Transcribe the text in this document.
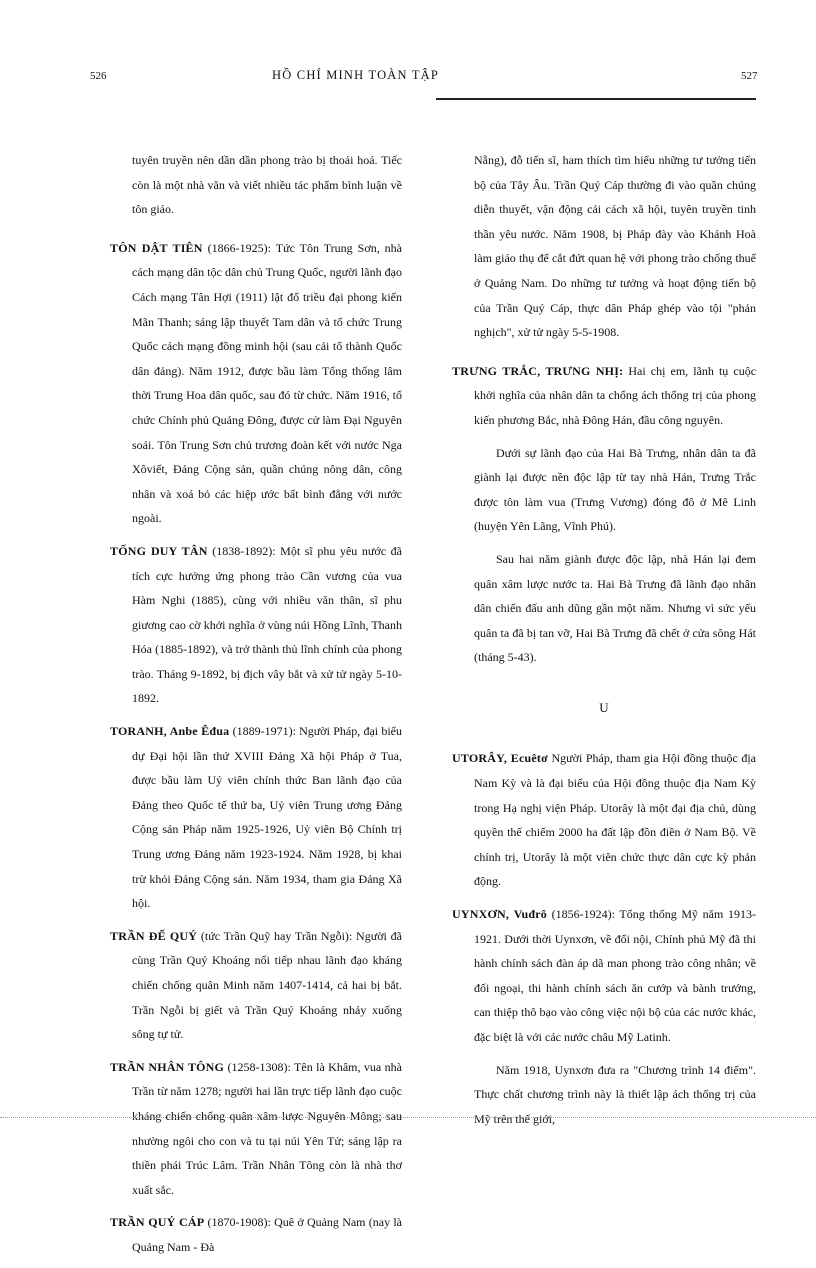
526	HỒ CHÍ MINH TOÀN TẬP	527

tuyên truyền nên dần dần phong trào bị thoái hoá. Tiếc còn là một nhà văn và viết nhiều tác phẩm bình luận về tôn giáo.

TÔN DẬT TIÊN (1866-1925): Tức Tôn Trung Sơn, nhà cách mạng dân tộc dân chủ Trung Quốc, người lãnh đạo Cách mạng Tân Hợi (1911) lật đổ triều đại phong kiến Mãn Thanh; sáng lập thuyết Tam dân và tổ chức Trung Quốc cách mạng đồng minh hội (sau cải tổ thành Quốc dân đảng). Năm 1912, được bầu làm Tổng thống lâm thời Trung Hoa dân quốc, sau đó từ chức. Năm 1916, tổ chức Chính phủ Quảng Đông, được cử làm Đại Nguyên soái. Tôn Trung Sơn chủ trương đoàn kết với nước Nga Xôviết, Đảng Cộng sản, quần chúng nông dân, công nhân và xoá bỏ các hiệp ước bất bình đẳng với nước ngoài.

TỐNG DUY TÂN (1838-1892): Một sĩ phu yêu nước đã tích cực hưởng ứng phong trào Cần vương của vua Hàm Nghi (1885), cùng với nhiều văn thân, sĩ phu giương cao cờ khởi nghĩa ở vùng núi Hồng Lĩnh, Thanh Hóa (1885-1892), và trở thành thủ lĩnh chính của phong trào. Tháng 9-1892, bị địch vây bắt và xử tử ngày 5-10-1892.

TORANH, Anbe Êđua (1889-1971): Người Pháp, đại biểu dự Đại hội lần thứ XVIII Đảng Xã hội Pháp ở Tua, được bầu làm Uỷ viên chính thức Ban lãnh đạo của Đảng theo Quốc tế thứ ba, Uỷ viên Trung ương Đảng Cộng sản Pháp năm 1925-1926, Uỷ viên Bộ Chính trị Trung ương Đảng năm 1923-1924. Năm 1928, bị khai trừ khỏi Đảng Cộng sản. Năm 1934, tham gia Đảng Xã hội.

TRẦN ĐẾ QUÝ (tức Trần Quỹ hay Trần Ngỗi): Người đã cùng Trần Quý Khoáng nối tiếp nhau lãnh đạo kháng chiến chống quân Minh năm 1407-1414, cả hai bị bắt. Trần Ngỗi bị giết và Trần Quý Khoáng nhảy xuống sông tự tử.

TRẦN NHÂN TÔNG (1258-1308): Tên là Khâm, vua nhà Trần từ năm 1278; người hai lần trực tiếp lãnh đạo cuộc kháng chiến chống quân xâm lược Nguyên Mông; sau nhường ngôi cho con và tu tại núi Yên Tử; sáng lập ra thiền phái Trúc Lâm. Trần Nhân Tông còn là nhà thơ xuất sắc.

TRẦN QUÝ CÁP (1870-1908): Quê ở Quảng Nam (nay là Quảng Nam - Đà

Nẵng), đỗ tiến sĩ, ham thích tìm hiểu những tư tưởng tiến bộ của Tây Âu. Trần Quý Cáp thường đi vào quần chúng diễn thuyết, vận động cải cách xã hội, tuyên truyền tinh thần yêu nước. Năm 1908, bị Pháp đày vào Khánh Hoà làm giáo thụ để cắt đứt quan hệ với phong trào chống thuế ở Quảng Nam. Do những tư tưởng và hoạt động tiến bộ của Trần Quý Cáp, thực dân Pháp ghép vào tội "phản nghịch", xử tử ngày 5-5-1908.

TRƯNG TRẮC, TRƯNG NHỊ: Hai chị em, lãnh tụ cuộc khởi nghĩa của nhân dân ta chống ách thống trị của phong kiến phương Bắc, nhà Đông Hán, đầu công nguyên.

Dưới sự lãnh đạo của Hai Bà Trưng, nhân dân ta đã giành lại được nền độc lập từ tay nhà Hán, Trưng Trắc được tôn làm vua (Trưng Vương) đóng đô ở Mê Linh (huyện Yên Lãng, Vĩnh Phú).

Sau hai năm giành được độc lập, nhà Hán lại đem quân xâm lược nước ta. Hai Bà Trưng đã lãnh đạo nhân dân chiến đấu anh dũng gần một năm. Nhưng vì sức yếu quân ta đã bị tan vỡ, Hai Bà Trưng đã chết ở cửa sông Hát (tháng 5-43).

U

UTORÂY, Ecuêtơ Người Pháp, tham gia Hội đồng thuộc địa Nam Kỳ và là đại biểu của Hội đồng thuộc địa Nam Kỳ trong Hạ nghị viện Pháp. Utorây là một đại địa chủ, dùng quyền thế chiếm 2000 ha đất lập đồn điền ở Nam Bộ. Về chính trị, Utorây là một viên chức thực dân cực kỳ phản động.

UYNXƠN, Vuđrô (1856-1924): Tổng thống Mỹ năm 1913-1921. Dưới thời Uynxơn, về đối nội, Chính phủ Mỹ đã thi hành chính sách đàn áp dã man phong trào công nhân; về đối ngoại, thi hành chính sách ăn cướp và bành trướng, can thiệp thô bạo vào công việc nội bộ của các nước khác, đặc biệt là với các nước châu Mỹ Latinh.

Năm 1918, Uynxơn đưa ra "Chương trình 14 điểm". Thực chất chương trình này là thiết lập ách thống trị của Mỹ trên thế giới,
